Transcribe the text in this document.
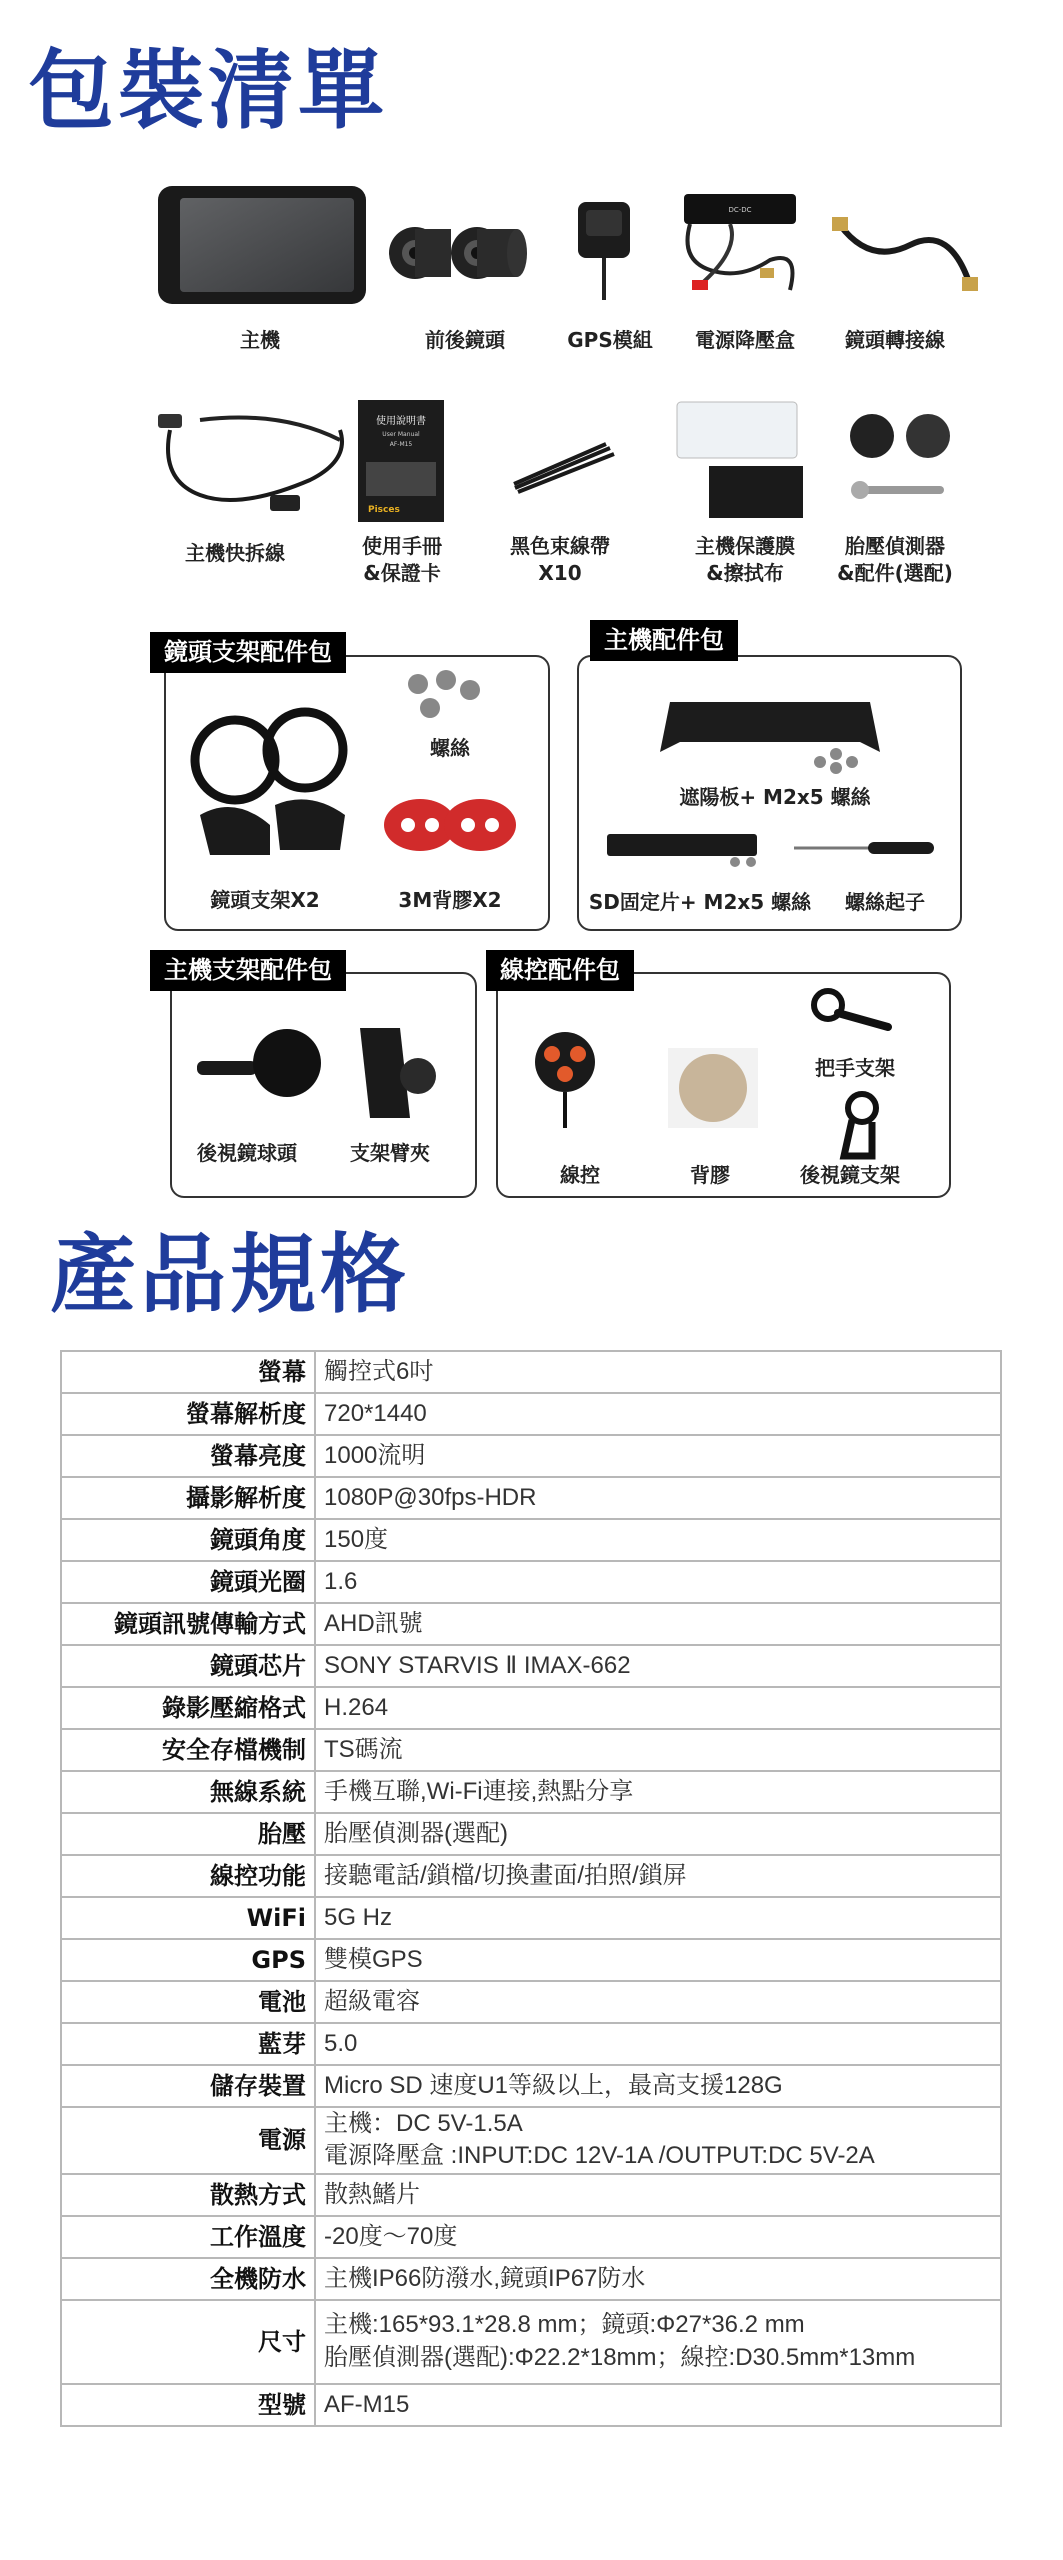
包裝清單
DC-DC
主機	前後鏡頭	GPS模組	電源降壓盒	鏡頭轉接線
使用說明書
User Manual
AF-M15
Pisces
主機快拆線	使用手冊
&保證卡
黑色束線帶
X10
主機保護膜
&擦拭布
胎壓偵測器
&配件(選配)
鏡頭支架配件包
螺絲
鏡頭支架X2	3M背膠X2
主機配件包
遮陽板+ M2x5 螺絲
SD固定片+ M2x5 螺絲	螺絲起子
主機支架配件包
後視鏡球頭	支架臂夾
線控配件包
把手支架
線控	背膠	後視鏡支架
產品規格
螢幕	觸控式6吋

螢幕解析度	720*1440

螢幕亮度	1000流明

攝影解析度	1080P@30fps-HDR

鏡頭角度	150度

鏡頭光圈	1.6

鏡頭訊號傳輸方式	AHD訊號

鏡頭芯片	SONY STARVIS Ⅱ IMAX-662

錄影壓縮格式	H.264

安全存檔機制	TS碼流

無線系統	手機互聯,Wi-Fi連接,熱點分享

胎壓	胎壓偵測器(選配)

線控功能	接聽電話/鎖檔/切換畫面/拍照/鎖屏

WiFi	5G Hz

GPS	雙模GPS

電池	超級電容

藍芽	5.0

儲存裝置	Micro SD 速度U1等級以上，最高支援128G

電源	主機：DC 5V-1.5A
電源降壓盒 :INPUT:DC 12V-1A /OUTPUT:DC 5V-2A

散熱方式	散熱鰭片

工作溫度	-20度～70度

全機防水	主機IP66防潑水,鏡頭IP67防水

尺寸	主機:165*93.1*28.8 mm；鏡頭:Φ27*36.2 mm
胎壓偵測器(選配):Φ22.2*18mm；線控:D30.5mm*13mm

型號	AF-M15
